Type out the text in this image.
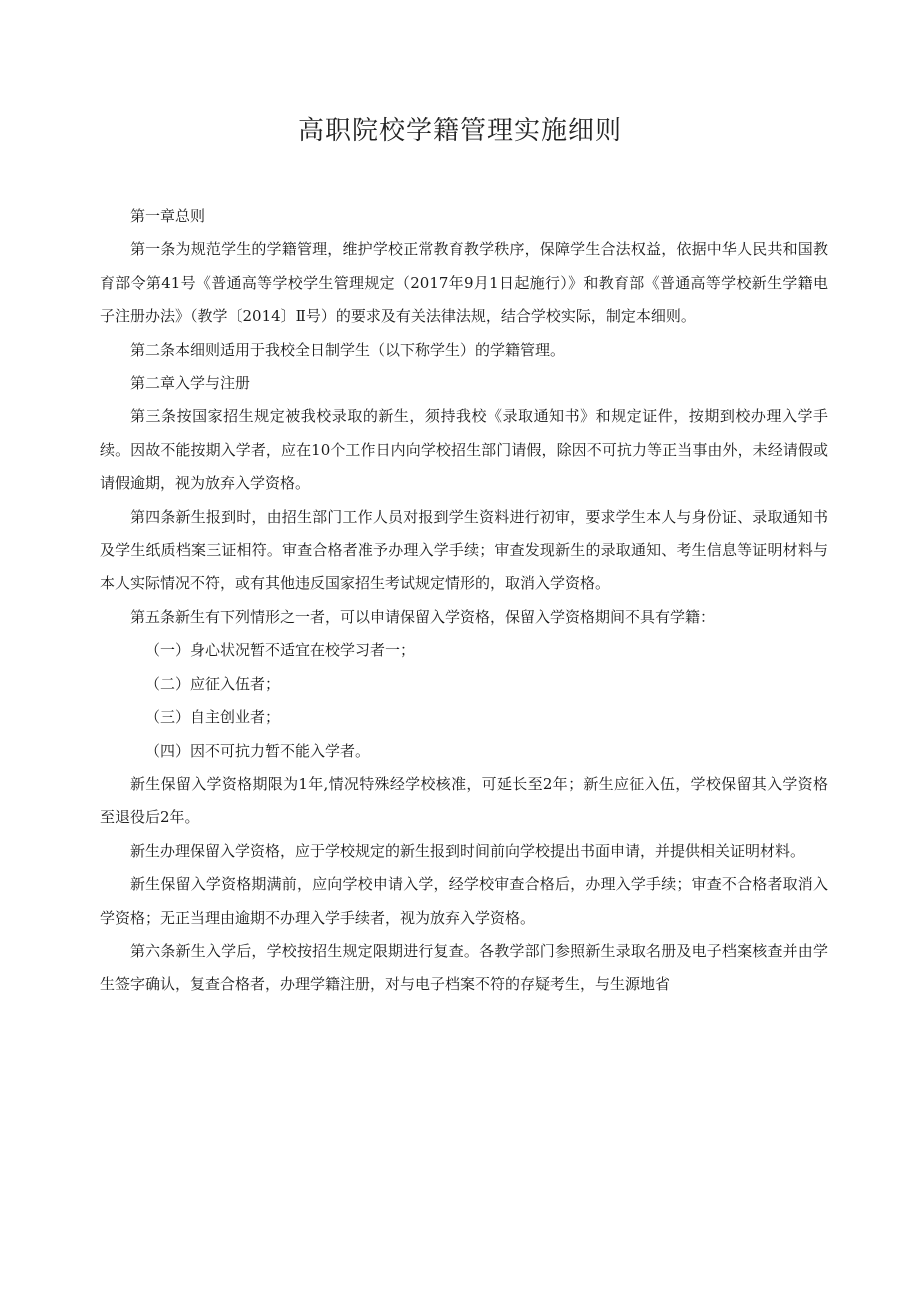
高职院校学籍管理实施细则

第一章总则

第一条为规范学生的学籍管理，维护学校正常教育教学秩序，保障学生合法权益，依据中华人民共和国教育部令第41号《普通高等学校学生管理规定（2017年9月1日起施行）》和教育部《普通高等学校新生学籍电子注册办法》（教学〔2014〕Ⅱ号）的要求及有关法律法规，结合学校实际，制定本细则。

第二条本细则适用于我校全日制学生（以下称学生）的学籍管理。

第二章入学与注册

第三条按国家招生规定被我校录取的新生，须持我校《录取通知书》和规定证件，按期到校办理入学手续。因故不能按期入学者，应在10个工作日内向学校招生部门请假，除因不可抗力等正当事由外，未经请假或请假逾期，视为放弃入学资格。

第四条新生报到时，由招生部门工作人员对报到学生资料进行初审，要求学生本人与身份证、录取通知书及学生纸质档案三证相符。审查合格者准予办理入学手续；审查发现新生的录取通知、考生信息等证明材料与本人实际情况不符，或有其他违反国家招生考试规定情形的，取消入学资格。

第五条新生有下列情形之一者，可以申请保留入学资格，保留入学资格期间不具有学籍：

（一）身心状况暂不适宜在校学习者一；

（二）应征入伍者；

（三）自主创业者；

（四）因不可抗力暂不能入学者。

新生保留入学资格期限为1年,情况特殊经学校核准，可延长至2年；新生应征入伍，学校保留其入学资格至退役后2年。

新生办理保留入学资格，应于学校规定的新生报到时间前向学校提出书面申请，并提供相关证明材料。

新生保留入学资格期满前，应向学校申请入学，经学校审查合格后，办理入学手续；审查不合格者取消入学资格；无正当理由逾期不办理入学手续者，视为放弃入学资格。

第六条新生入学后，学校按招生规定限期进行复查。各教学部门参照新生录取名册及电子档案核查并由学生签字确认，复查合格者，办理学籍注册，对与电子档案不符的存疑考生，与生源地省
